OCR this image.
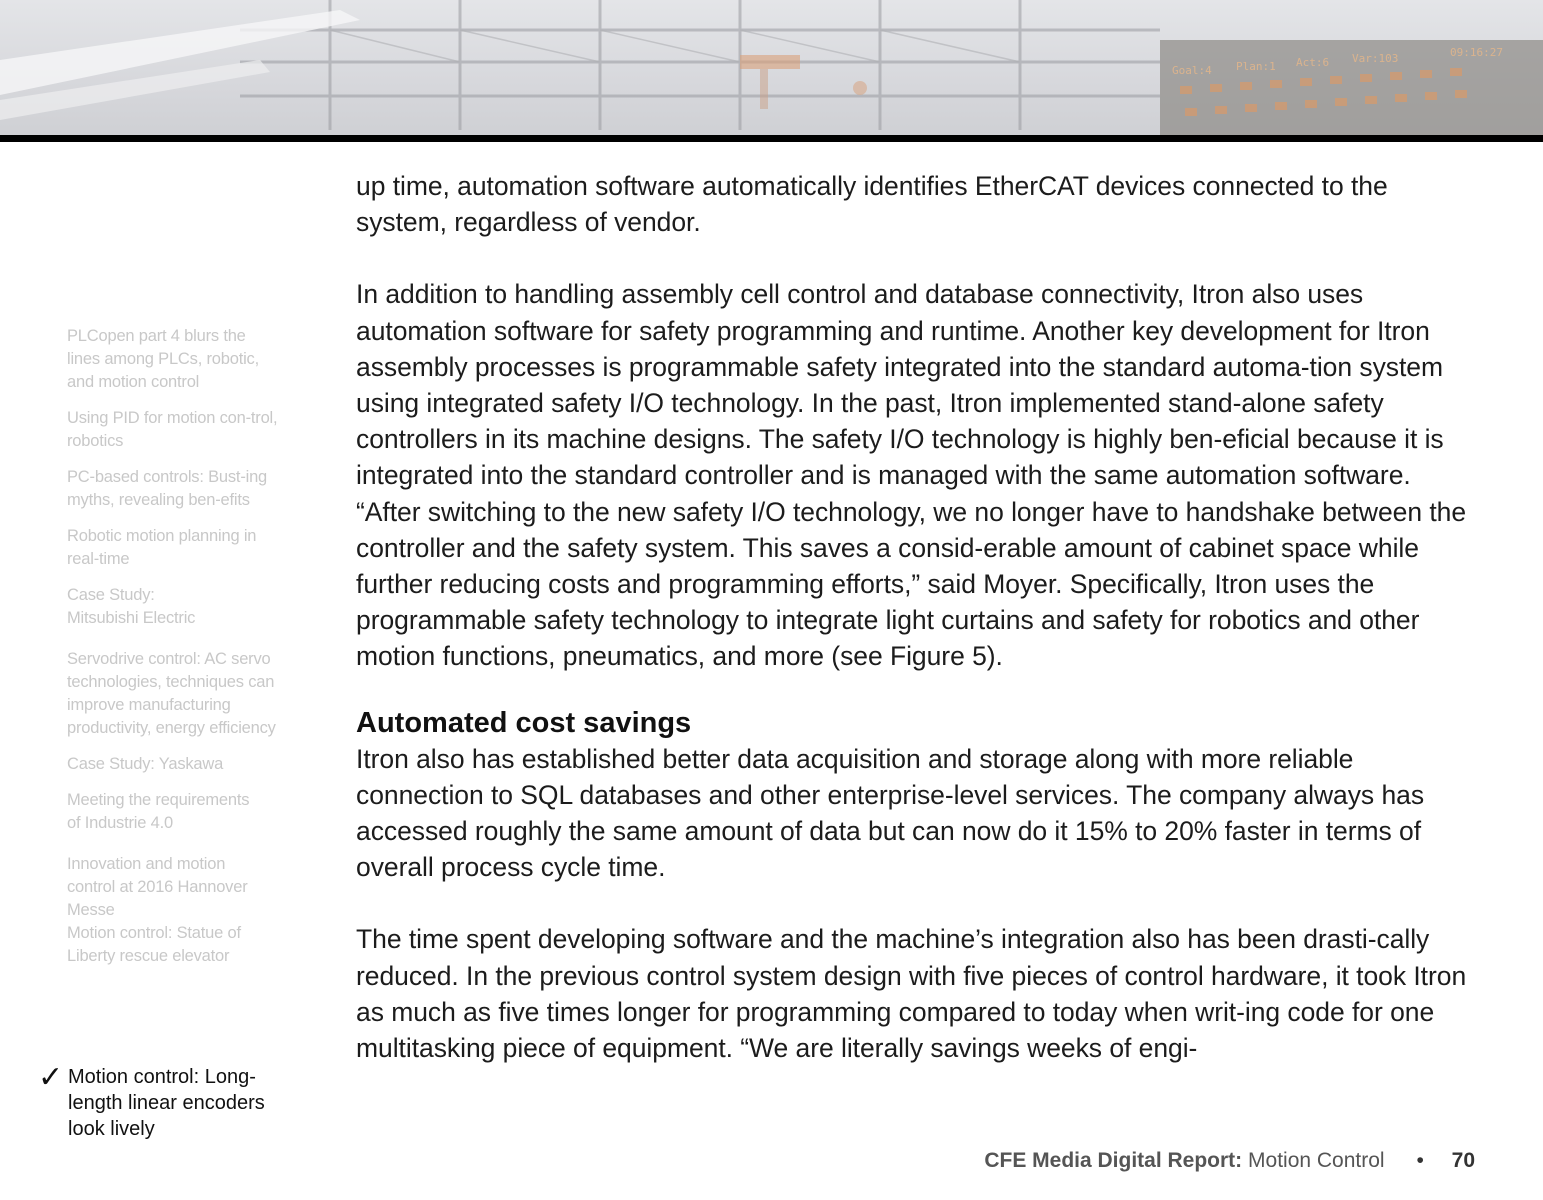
Goal:4 Plan:1 Act:6 Var:103	09:16:27
PLCopen part 4 blurs the lines among PLCs, robotic, and motion control
Using PID for motion con-trol, robotics
PC-based controls: Bust-ing myths, revealing ben-efits
Robotic motion planning in real-time
Case Study: Mitsubishi Electric
Servodrive control: AC servo technologies, techniques can improve manufacturing productivity, energy efficiency
Case Study: Yaskawa
Meeting the requirements of Industrie 4.0
Innovation and motion control at 2016 Hannover Messe
Motion control: Statue of Liberty rescue elevator
✓ Motion control: Long-length linear encoders look lively

up time, automation software automatically identifies EtherCAT devices connected to the system, regardless of vendor.

In addition to handling assembly cell control and database connectivity, Itron also uses automation software for safety programming and runtime. Another key development for Itron assembly processes is programmable safety integrated into the standard automa-tion system using integrated safety I/O technology. In the past, Itron implemented stand-alone safety controllers in its machine designs. The safety I/O technology is highly ben-eficial because it is integrated into the standard controller and is managed with the same automation software. “After switching to the new safety I/O technology, we no longer have to handshake between the controller and the safety system. This saves a consid-erable amount of cabinet space while further reducing costs and programming efforts,” said Moyer. Specifically, Itron uses the programmable safety technology to integrate light curtains and safety for robotics and other motion functions, pneumatics, and more (see Figure 5).

Automated cost savings

Itron also has established better data acquisition and storage along with more reliable connection to SQL databases and other enterprise-level services. The company always has accessed roughly the same amount of data but can now do it 15% to 20% faster in terms of overall process cycle time.

The time spent developing software and the machine’s integration also has been drasti-cally reduced. In the previous control system design with five pieces of control hardware, it took Itron as much as five times longer for programming compared to today when writ-ing code for one multitasking piece of equipment. “We are literally savings weeks of engi-

CFE Media Digital Report: Motion Control • 70
